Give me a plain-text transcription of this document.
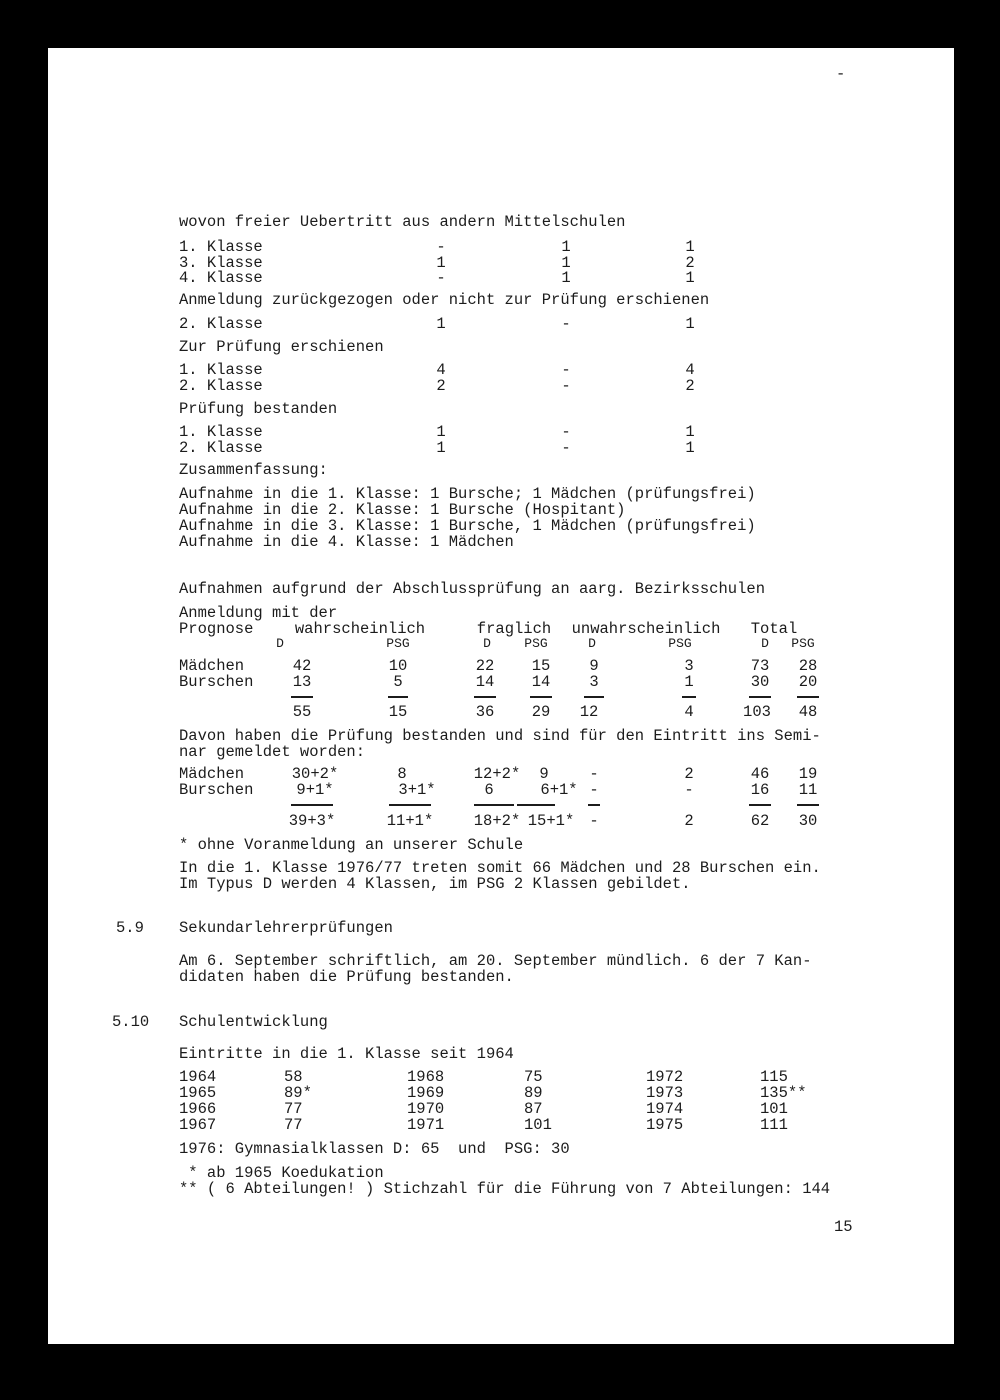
-
wovon freier Uebertritt aus andern Mittelschulen
1. Klasse	-	1	1
3. Klasse	1	1	2
4. Klasse	-	1	1
Anmeldung zurückgezogen oder nicht zur Prüfung erschienen
2. Klasse	1	-	1
Zur Prüfung erschienen
1. Klasse	4	-	4
2. Klasse	2	-	2
Prüfung bestanden
1. Klasse	1	-	1
2. Klasse	1	-	1
Zusammenfassung:
Aufnahme in die 1. Klasse: 1 Bursche; 1 Mädchen (prüfungsfrei)
Aufnahme in die 2. Klasse: 1 Bursche (Hospitant)
Aufnahme in die 3. Klasse: 1 Bursche, 1 Mädchen (prüfungsfrei)
Aufnahme in die 4. Klasse: 1 Mädchen
Aufnahmen aufgrund der Abschlussprüfung an aarg. Bezirksschulen
Anmeldung mit der
Prognose	wahrscheinlich	fraglich unwahrscheinlich Total
D	PSG	D	PSG	D	PSG	D PSG
Mädchen	42	10	22 15	9	3	73 28
Burschen	13	5	14 14	3	1	30 20
55	15	36 29 12	4	103 48
Davon haben die Prüfung bestanden und sind für den Eintritt ins Semi-
nar gemeldet worden:
Mädchen	30+2*	8	12+2* 9	-	2	46 19
Burschen	9+1*	3+1*	6	6+1* -	-	16 11
39+3*	11+1*	18+2* 15+1* -	2	62 30
* ohne Voranmeldung an unserer Schule
In die 1. Klasse 1976/77 treten somit 66 Mädchen und 28 Burschen ein.
Im Typus D werden 4 Klassen, im PSG 2 Klassen gebildet.
5.9 Sekundarlehrerprüfungen
Am 6. September schriftlich, am 20. September mündlich. 6 der 7 Kan-
didaten haben die Prüfung bestanden.
5.10 Schulentwicklung
Eintritte in die 1. Klasse seit 1964
1964	58	1968	75	1972	115
1965	89*	1969	89	1973	135**
1966	77	1970	87	1974	101
1967	77	1971	101	1975	111
1976: Gymnasialklassen D: 65  und  PSG: 30
* ab 1965 Koedukation
** ( 6 Abteilungen! ) Stichzahl für die Führung von 7 Abteilungen: 144
15
